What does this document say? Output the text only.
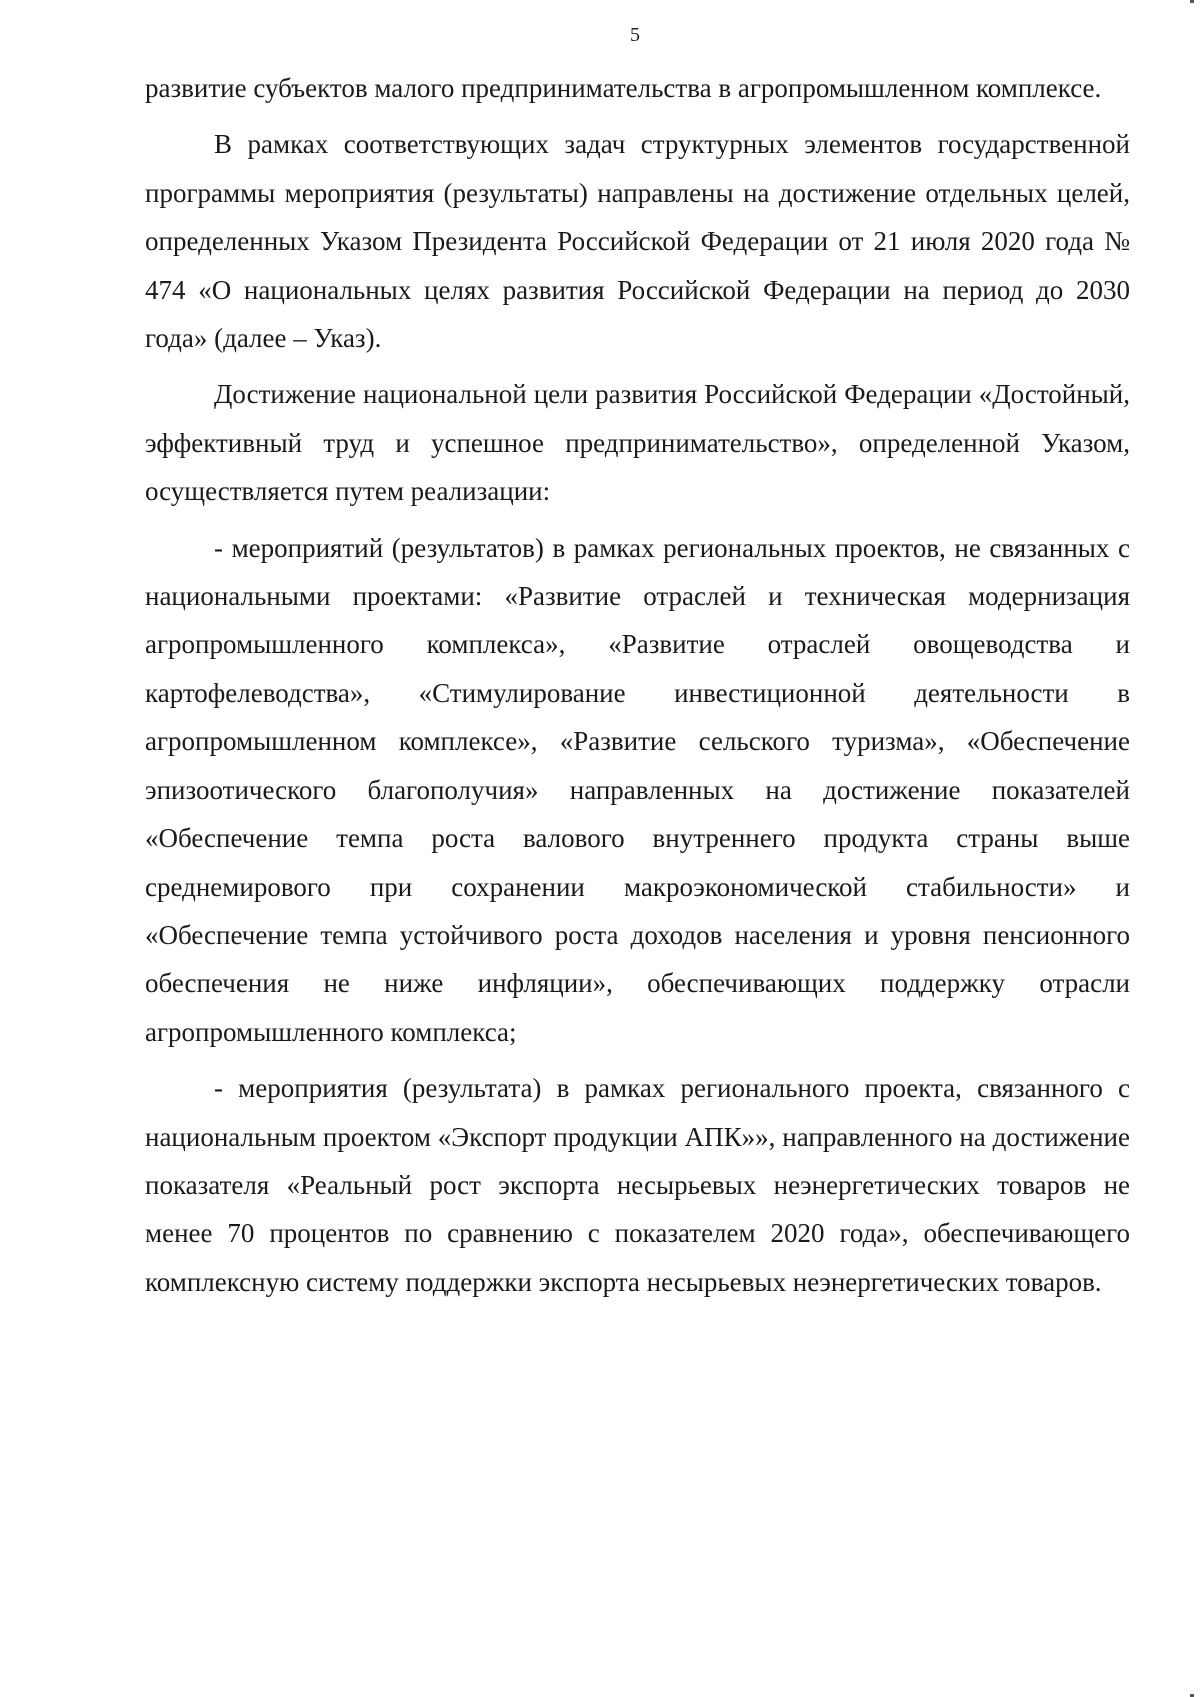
5

развитие субъектов малого предпринимательства в агропромышленном комплексе.

В рамках соответствующих задач структурных элементов государственной программы мероприятия (результаты) направлены на достижение отдельных целей, определенных Указом Президента Российской Федерации от 21 июля 2020 года № 474 «О национальных целях развития Российской Федерации на период до 2030 года» (далее – Указ).

Достижение национальной цели развития Российской Федерации «Достойный, эффективный труд и успешное предпринимательство», определенной Указом, осуществляется путем реализации:

- мероприятий (результатов) в рамках региональных проектов, не связанных с национальными проектами: «Развитие отраслей и техническая модернизация агропромышленного комплекса», «Развитие отраслей овощеводства и картофелеводства», «Стимулирование инвестиционной деятельности в агропромышленном комплексе», «Развитие сельского туризма», «Обеспечение эпизоотического благополучия» направленных на достижение показателей «Обеспечение темпа роста валового внутреннего продукта страны выше среднемирового при сохранении макроэкономической стабильности» и «Обеспечение темпа устойчивого роста доходов населения и уровня пенсионного обеспечения не ниже инфляции», обеспечивающих поддержку отрасли агропромышленного комплекса;

- мероприятия (результата) в рамках регионального проекта, связанного с национальным проектом «Экспорт продукции АПК»», направленного на достижение показателя «Реальный рост экспорта несырьевых неэнергетических товаров не менее 70 процентов по сравнению с показателем 2020 года», обеспечивающего комплексную систему поддержки экспорта несырьевых неэнергетических товаров.
